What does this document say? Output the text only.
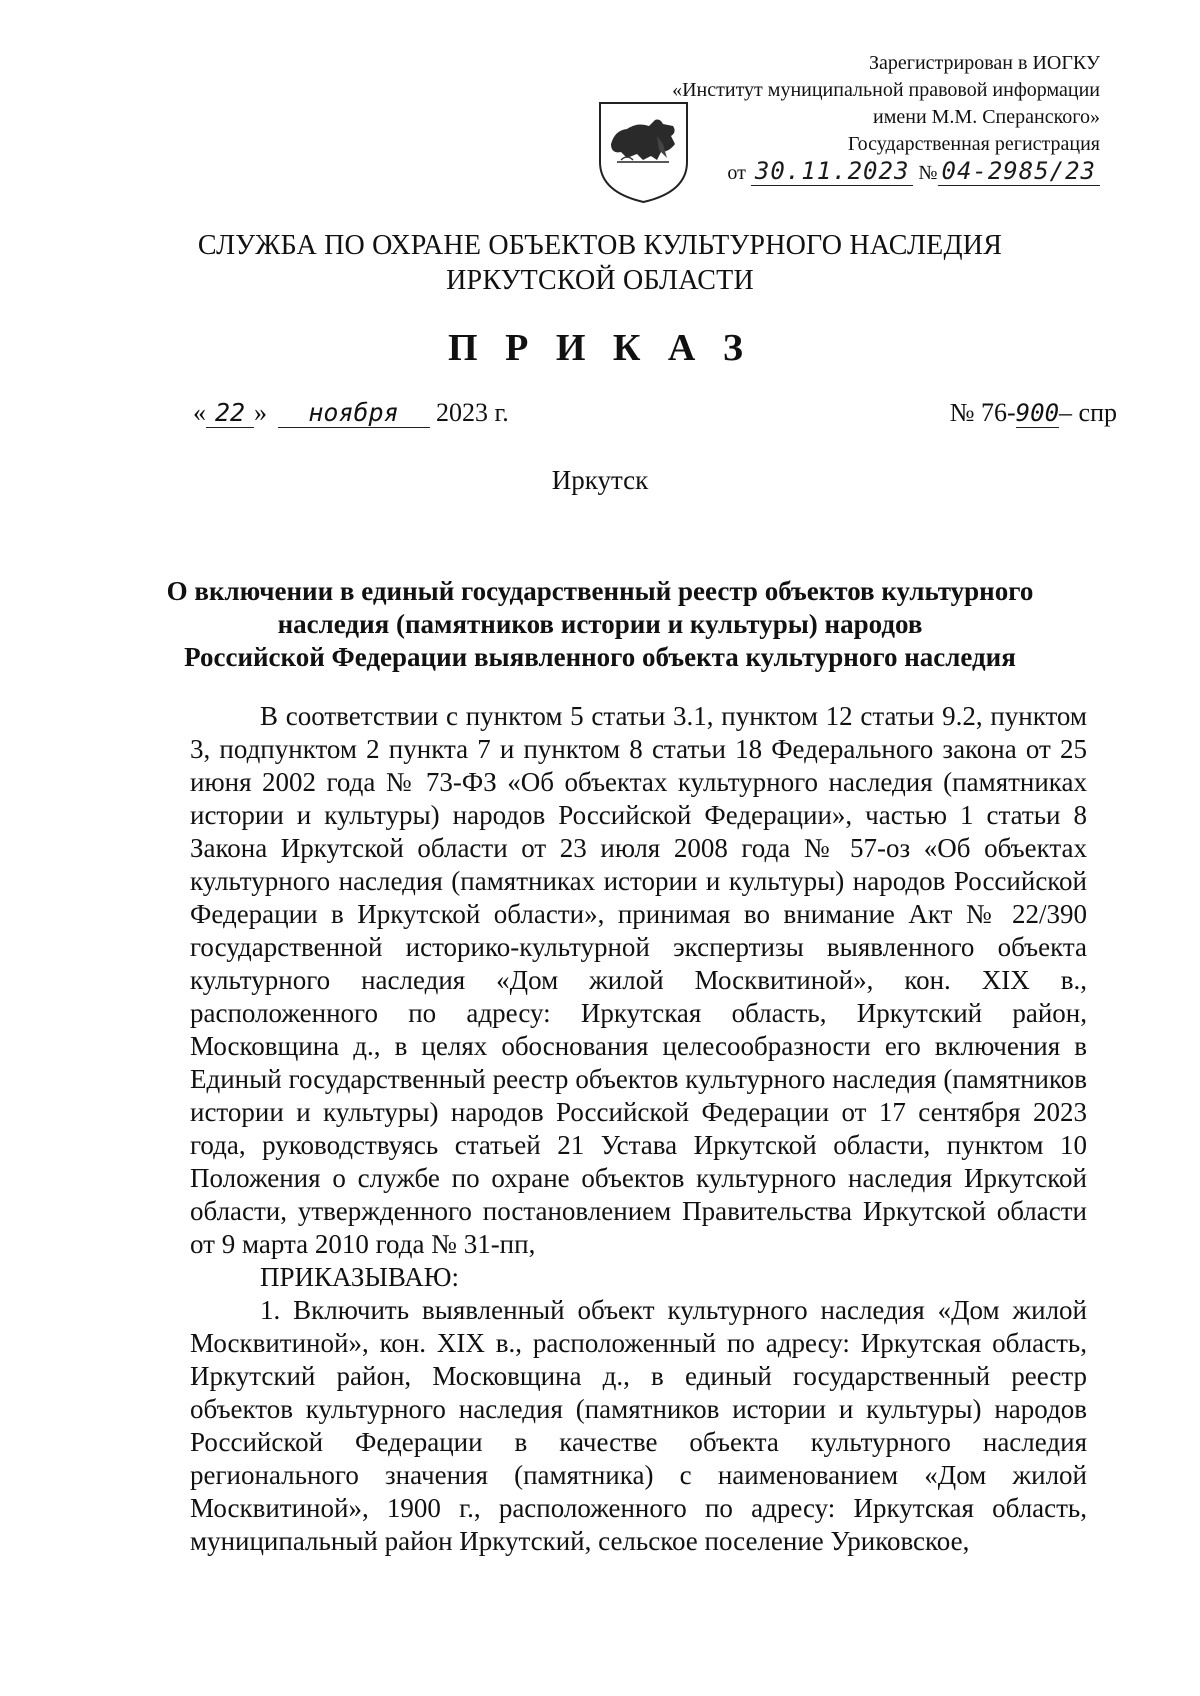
Зарегистрирован в ИОГКУ
«Институт муниципальной правовой информации
имени М.М. Сперанского»
Государственная регистрация
от 30.11.2023 № 04-2985/23
СЛУЖБА ПО ОХРАНЕ ОБЪЕКТОВ КУЛЬТУРНОГО НАСЛЕДИЯ
ИРКУТСКОЙ ОБЛАСТИ
П Р И К А З
« 22 » ноября 2023 г.	№ 76-900– спр
Иркутск
О включении в единый государственный реестр объектов культурного
наследия (памятников истории и культуры) народов
Российской Федерации выявленного объекта культурного наследия

В соответствии с пунктом 5 статьи 3.1, пунктом 12 статьи 9.2, пунктом 3, подпунктом 2 пункта 7 и пунктом 8 статьи 18 Федерального закона от 25 июня 2002 года № 73-ФЗ «Об объектах культурного наследия (памятниках истории и культуры) народов Российской Федерации», частью 1 статьи 8 Закона Иркутской области от 23 июля 2008 года № 57-оз «Об объектах культурного наследия (памятниках истории и культуры) народов Российской Федерации в Иркутской области», принимая во внимание Акт № 22/390 государственной историко-культурной экспертизы выявленного объекта культурного наследия «Дом жилой Москвитиной», кон. XIX в., расположенного по адресу: Иркутская область, Иркутский район, Московщина д., в целях обоснования целесообразности его включения в Единый государственный реестр объектов культурного наследия (памятников истории и культуры) народов Российской Федерации от 17 сентября 2023 года, руководствуясь статьей 21 Устава Иркутской области, пунктом 10 Положения о службе по охране объектов культурного наследия Иркутской области, утвержденного постановлением Правительства Иркутской области от 9 марта 2010 года № 31-пп,

ПРИКАЗЫВАЮ:

1. Включить выявленный объект культурного наследия «Дом жилой Москвитиной», кон. XIX в., расположенный по адресу: Иркутская область, Иркутский район, Московщина д., в единый государственный реестр объектов культурного наследия (памятников истории и культуры) народов Российской Федерации в качестве объекта культурного наследия регионального значения (памятника) с наименованием «Дом жилой Москвитиной», 1900 г., расположенного по адресу: Иркутская область, муниципальный район Иркутский, сельское поселение Уриковское,
